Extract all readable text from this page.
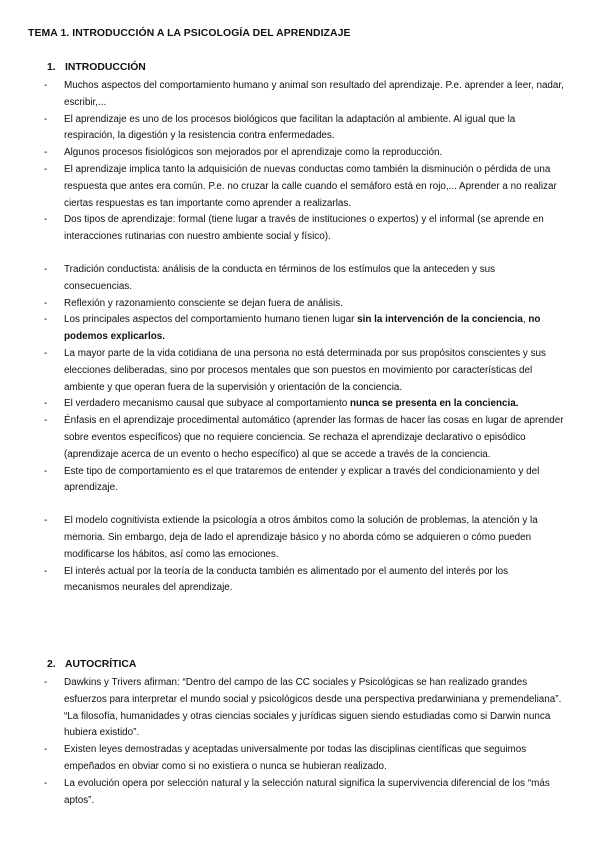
TEMA 1. INTRODUCCIÓN A LA PSICOLOGÍA DEL APRENDIZAJE
1. INTRODUCCIÓN
- Muchos aspectos del comportamiento humano y animal son resultado del aprendizaje. P.e. aprender a leer, nadar, escribir,...
- El aprendizaje es uno de los procesos biológicos que facilitan la adaptación al ambiente. Al igual que la respiración, la digestión y la resistencia contra enfermedades.
- Algunos procesos fisiológicos son mejorados por el aprendizaje como la reproducción.
- El aprendizaje implica tanto la adquisición de nuevas conductas como también la disminución o pérdida de una respuesta que antes era común. P.e. no cruzar la calle cuando el semáforo está en rojo,... Aprender a no realizar ciertas respuestas es tan importante como aprender a realizarlas.
- Dos tipos de aprendizaje: formal (tiene lugar a través de instituciones o expertos) y el informal (se aprende en interacciones rutinarias con nuestro ambiente social y físico).
- Tradición conductista: análisis de la conducta en términos de los estímulos que la anteceden y sus consecuencias.
- Reflexión y razonamiento consciente se dejan fuera de análisis.
- Los principales aspectos del comportamiento humano tienen lugar sin la intervención de la conciencia, no podemos explicarlos.
- La mayor parte de la vida cotidiana de una persona no está determinada por sus propósitos conscientes y sus elecciones deliberadas, sino por procesos mentales que son puestos en movimiento por características del ambiente y que operan fuera de la supervisión y orientación de la conciencia.
- El verdadero mecanismo causal que subyace al comportamiento nunca se presenta en la conciencia.
- Énfasis en el aprendizaje procedimental automático (aprender las formas de hacer las cosas en lugar de aprender sobre eventos específicos) que no requiere conciencia. Se rechaza el aprendizaje declarativo o episódico (aprendizaje acerca de un evento o hecho específico) al que se accede a través de la conciencia.
- Este tipo de comportamiento es el que trataremos de entender y explicar a través del condicionamiento y del aprendizaje.
- El modelo cognitivista extiende la psicología a otros ámbitos como la solución de problemas, la atención y la memoria. Sin embargo, deja de lado el aprendizaje básico y no aborda cómo se adquieren o cómo pueden modificarse los hábitos, así como las emociones.
- El interés actual por la teoría de la conducta también es alimentado por el aumento del interés por los mecanismos neurales del aprendizaje.
2. AUTOCRÍTICA
- Dawkins y Trivers afirman: “Dentro del campo de las CC sociales y Psicológicas se han realizado grandes esfuerzos para interpretar el mundo social y psicológicos desde una perspectiva predarwiniana y premendeliana”. “La filosofía, humanidades y otras ciencias sociales y jurídicas siguen siendo estudiadas como si Darwin nunca hubiera existido”.
- Existen leyes demostradas y aceptadas universalmente por todas las disciplinas científicas que seguimos empeñados en obviar como si no existiera o nunca se hubieran realizado.
- La evolución opera por selección natural y la selección natural significa la supervivencia diferencial de los “más aptos”.
